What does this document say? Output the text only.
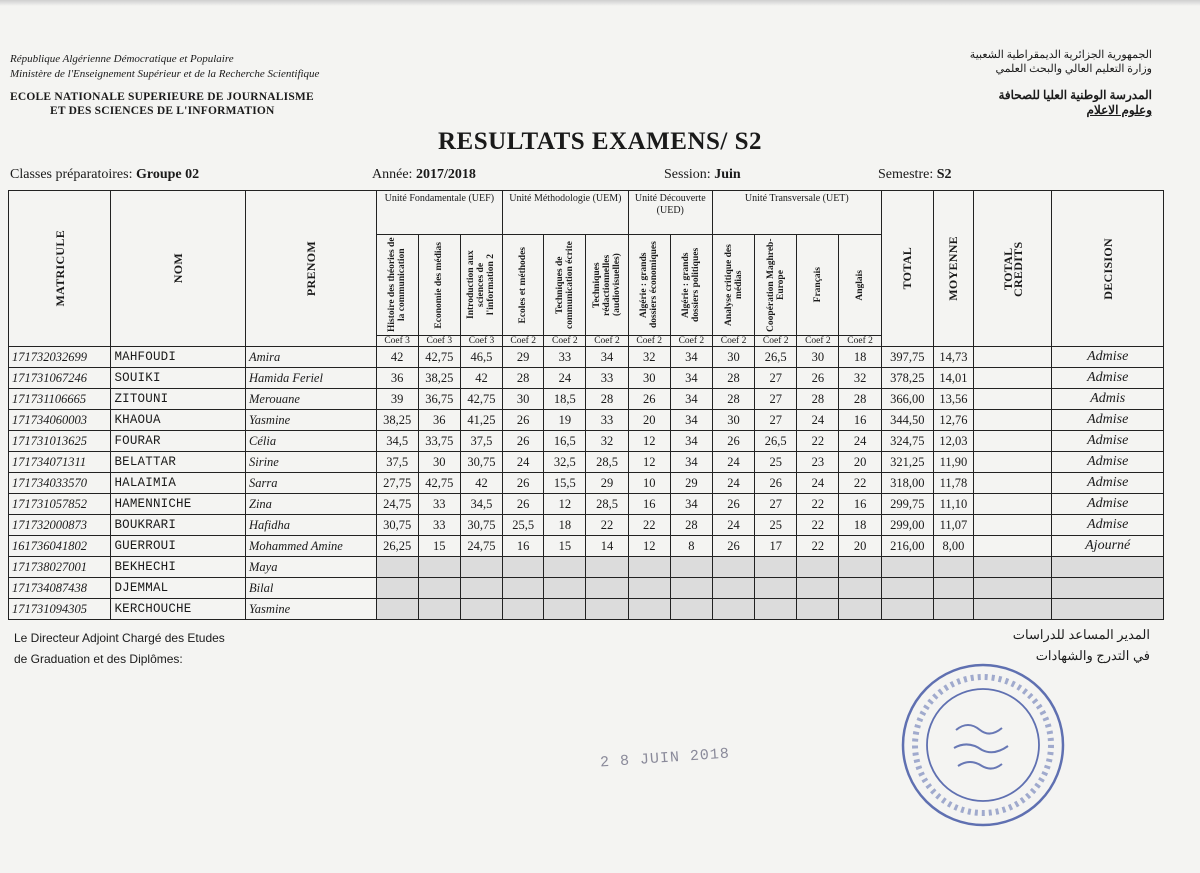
République Algérienne Démocratique et Populaire
Ministère de l'Enseignement Supérieur et de la Recherche Scientifique
ECOLE NATIONALE SUPERIEURE DE JOURNALISME
ET DES SCIENCES DE L'INFORMATION
الجمهورية الجزائرية الديمقراطية الشعبية
وزارة التعليم العالي والبحث العلمي
المدرسة الوطنية العليا للصحافة
وعلوم الاعلام
RESULTATS EXAMENS/ S2
Classes préparatoires: Groupe 02	Année: 2017/2018	Session: Juin	Semestre: S2
MATRICULE	NOM	PRENOM	Unité Fondamentale (UEF)			Unité Méthodologie (UEM)			Unité Découverte (UED)		Unité Transversale (UET)				TOTAL	MOYENNE	TOTAL CREDITS	DECISION

			Histoire des théories de la communication	Economie des médias	Introduction aux sciences de l'information 2	Ecoles et méthodes	Techniques de communication écrite	Techniques rédactionnelles (audiovisuelles)	Algérie : grands dossiers économiques	Algérie : grands dossiers politiques	Analyse critique des médias	Coopération Maghreb- Europe	Français	Anglais				

			Coef 3	Coef 3	Coef 3	Coef 2	Coef 2	Coef 2	Coef 2	Coef 2	Coef 2	Coef 2	Coef 2	Coef 2				
171732032699	MAHFOUDI	Amira	42	42,75	46,5	29	33	34	32	34	30	26,5	30	18	397,75	14,73		Admise
171731067246	SOUIKI	Hamida Feriel	36	38,25	42	28	24	33	30	34	28	27	26	32	378,25	14,01		Admise
171731106665	ZITOUNI	Merouane	39	36,75	42,75	30	18,5	28	26	34	28	27	28	28	366,00	13,56		Admis
171734060003	KHAOUA	Yasmine	38,25	36	41,25	26	19	33	20	34	30	27	24	16	344,50	12,76		Admise
171731013625	FOURAR	Célia	34,5	33,75	37,5	26	16,5	32	12	34	26	26,5	22	24	324,75	12,03		Admise
171734071311	BELATTAR	Sirine	37,5	30	30,75	24	32,5	28,5	12	34	24	25	23	20	321,25	11,90		Admise
171734033570	HALAIMIA	Sarra	27,75	42,75	42	26	15,5	29	10	29	24	26	24	22	318,00	11,78		Admise
171731057852	HAMENNICHE	Zina	24,75	33	34,5	26	12	28,5	16	34	26	27	22	16	299,75	11,10		Admise
171732000873	BOUKRARI	Hafidha	30,75	33	30,75	25,5	18	22	22	28	24	25	22	18	299,00	11,07		Admise
161736041802	GUERROUI	Mohammed Amine	26,25	15	24,75	16	15	14	12	8	26	17	22	20	216,00	8,00		Ajourné
171738027001	BEKHECHI	Maya																
171734087438	DJEMMAL	Bilal																
171731094305	KERCHOUCHE	Yasmine																
Le Directeur Adjoint Chargé des Etudes
de Graduation et des Diplômes:
المدير المساعد للدراسات
في التدرج والشهادات
2 8 JUIN 2018
